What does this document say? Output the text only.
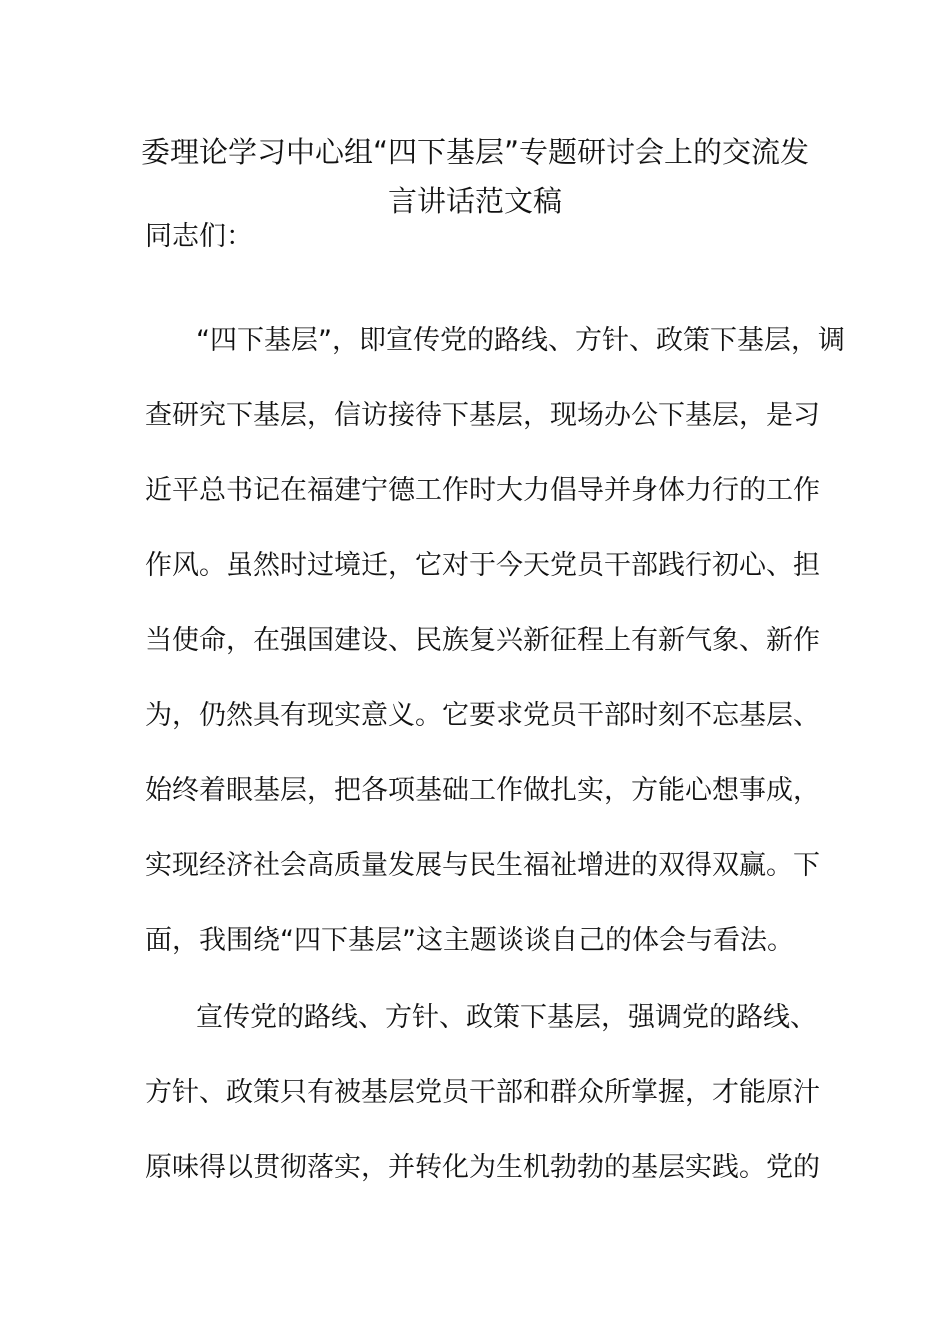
委理论学习中心组“四下基层”专题研讨会上的交流发
言讲话范文稿

同志们：

“四下基层”，即宣传党的路线、方针、政策下基层，调

查研究下基层，信访接待下基层，现场办公下基层，是习

近平总书记在福建宁德工作时大力倡导并身体力行的工作

作风。虽然时过境迁，它对于今天党员干部践行初心、担

当使命，在强国建设、民族复兴新征程上有新气象、新作

为，仍然具有现实意义。它要求党员干部时刻不忘基层、

始终着眼基层，把各项基础工作做扎实，方能心想事成，

实现经济社会高质量发展与民生福祉增进的双得双赢。下

面，我围绕“四下基层”这主题谈谈自己的体会与看法。

宣传党的路线、方针、政策下基层，强调党的路线、

方针、政策只有被基层党员干部和群众所掌握，才能原汁

原味得以贯彻落实，并转化为生机勃勃的基层实践。党的
